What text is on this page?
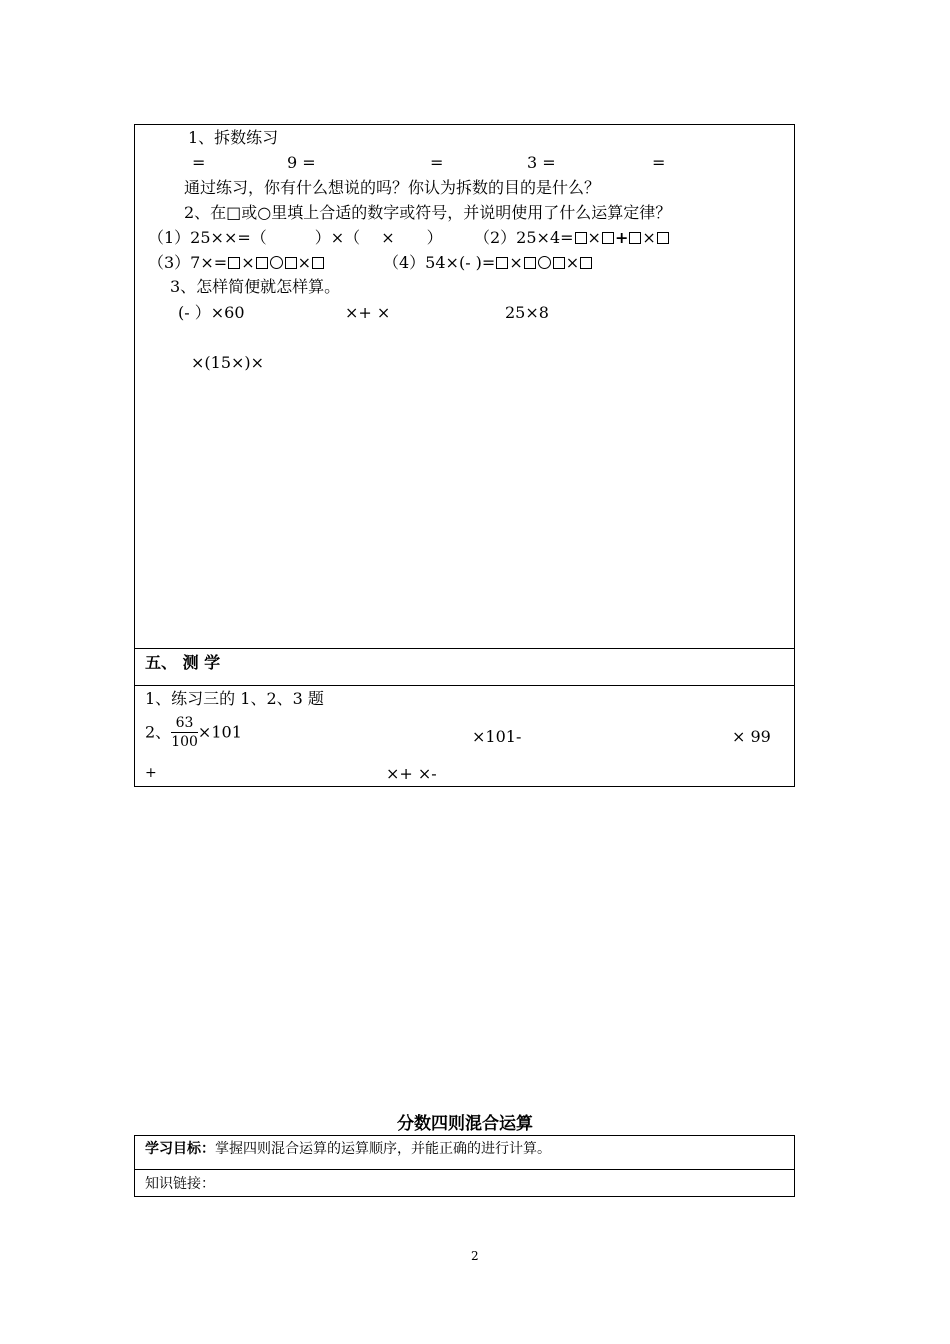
1、拆数练习
=	9 =	=	3 =	=
通过练习，你有什么想说的吗？你认为拆数的目的是什么？
2、在□或○里填上合适的数字或符号，并说明使用了什么运算定律？
（1）25××=（　　　）×（　 ×　　） （2）25×4= × + ×
（3）7×= ×	×	（4）54×(- )= ×	×
3、怎样简便就怎样算。
(- ）×60	×+ ×	25×8
×(15×)×
五、 测 学
1、练习三的 1、2、3 题
2、 $\frac{63}{100} \times 101$	×101-	× 99
+	×+ ×-
分数四则混合运算
学习目标：掌握四则混合运算的运算顺序，并能正确的进行计算。
知识链接：
2
